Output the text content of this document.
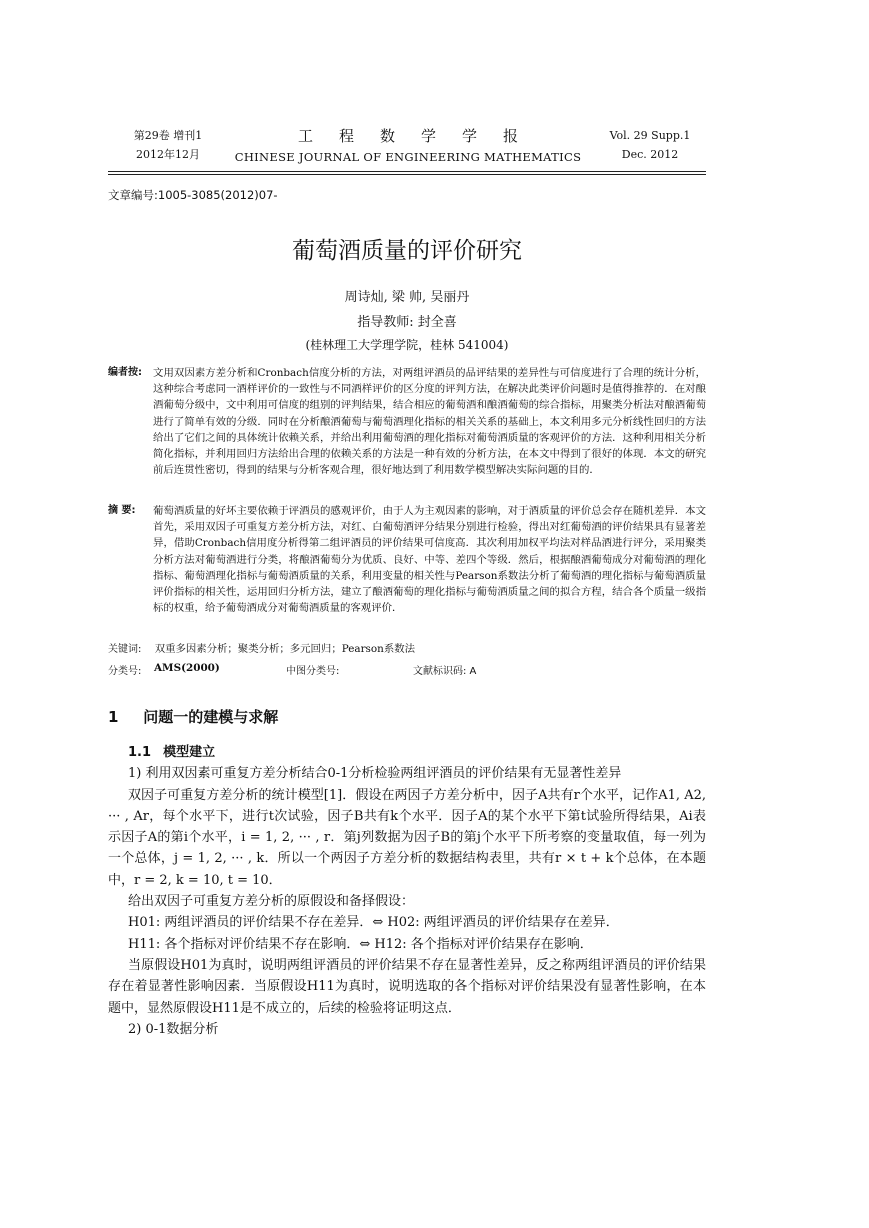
第29卷 增刊1
2012年12月
工程数学学报
CHINESE JOURNAL OF ENGINEERING MATHEMATICS
Vol. 29 Supp.1
Dec. 2012
文章编号:1005-3085(2012)07-
葡萄酒质量的评价研究
周诗灿, 梁 帅, 吴丽丹
指导教师: 封全喜
(桂林理工大学理学院，桂林 541004)
编者按: 文用双因素方差分析和Cronbach信度分析的方法，对两组评酒员的品评结果的差异性与可信度进行了合理的统计分析，这种综合考虑同一酒样评价的一致性与不同酒样评价的区分度的评判方法，在解决此类评价问题时是值得推荐的．在对酿酒葡萄分级中，文中利用可信度的组别的评判结果，结合相应的葡萄酒和酿酒葡萄的综合指标，用聚类分析法对酿酒葡萄进行了简单有效的分级．同时在分析酿酒葡萄与葡萄酒理化指标的相关关系的基础上，本文利用多元分析线性回归的方法给出了它们之间的具体统计依赖关系，并给出利用葡萄酒的理化指标对葡萄酒质量的客观评价的方法．这种利用相关分析简化指标，并利用回归方法给出合理的依赖关系的方法是一种有效的分析方法，在本文中得到了很好的体现．本文的研究前后连贯性密切，得到的结果与分析客观合理，很好地达到了利用数学模型解决实际问题的目的．
摘 要: 葡萄酒质量的好坏主要依赖于评酒员的感观评价，由于人为主观因素的影响，对于酒质量的评价总会存在随机差异．本文首先，采用双因子可重复方差分析方法，对红、白葡萄酒评分结果分别进行检验，得出对红葡萄酒的评价结果具有显著差异，借助Cronbach信用度分析得第二组评酒员的评价结果可信度高．其次利用加权平均法对样品酒进行评分，采用聚类分析方法对葡萄酒进行分类，将酿酒葡萄分为优质、良好、中等、差四个等级．然后，根据酿酒葡萄成分对葡萄酒的理化指标、葡萄酒理化指标与葡萄酒质量的关系，利用变量的相关性与Pearson系数法分析了葡萄酒的理化指标与葡萄酒质量评价指标的相关性，运用回归分析方法，建立了酿酒葡萄的理化指标与葡萄酒质量之间的拟合方程，结合各个质量一级指标的权重，给予葡萄酒成分对葡萄酒质量的客观评价．
关键词: 双重多因素分析；聚类分析；多元回归；Pearson系数法
分类号: AMS(2000)	中图分类号:	文献标识码: A
1 问题一的建模与求解

1.1 模型建立

1) 利用双因素可重复方差分析结合0-1分析检验两组评酒员的评价结果有无显著性差异

双因子可重复方差分析的统计模型[1]．假设在两因子方差分析中，因子A共有r个水平，记作A1, A2, ··· , Ar，每个水平下，进行t次试验，因子B共有k个水平．因子A的某个水平下第t试验所得结果，Ai表示因子A的第i个水平，i = 1, 2, ··· , r．第j列数据为因子B的第j个水平下所考察的变量取值，每一列为一个总体，j = 1, 2, ··· , k．所以一个两因子方差分析的数据结构表里，共有r × t + k个总体，在本题中，r = 2, k = 10, t = 10．

给出双因子可重复方差分析的原假设和备择假设：

H01: 两组评酒员的评价结果不存在差异．⇔ H02: 两组评酒员的评价结果存在差异．

H11: 各个指标对评价结果不存在影响．⇔ H12: 各个指标对评价结果存在影响．

当原假设H01为真时，说明两组评酒员的评价结果不存在显著性差异，反之称两组评酒员的评价结果存在着显著性影响因素．当原假设H11为真时，说明选取的各个指标对评价结果没有显著性影响，在本题中，显然原假设H11是不成立的，后续的检验将证明这点．

2) 0-1数据分析
